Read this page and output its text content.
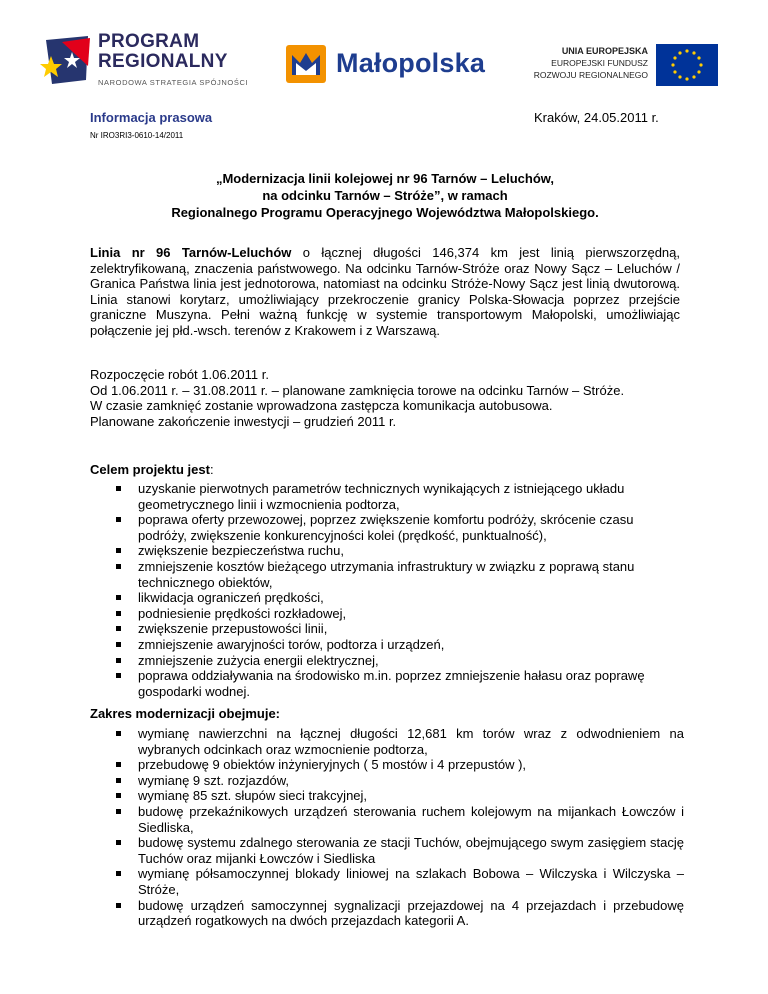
PROGRAM
REGIONALNY
NARODOWA STRATEGIA SPÓJNOŚCI
Małopolska	UNIA EUROPEJSKA
EUROPEJSKI FUNDUSZ
ROZWOJU REGIONALNEGO
Informacja prasowa	Kraków, 24.05.2011 r.
Nr IRO3RI3-0610-14/2011
„Modernizacja linii kolejowej nr 96 Tarnów – Leluchów,
na odcinku Tarnów – Stróże”, w ramach
Regionalnego Programu Operacyjnego Województwa Małopolskiego.
Linia nr 96 Tarnów-Leluchów o łącznej długości 146,374 km jest linią pierwszorzędną, zelektryfikowaną, znaczenia państwowego. Na odcinku Tarnów-Stróże oraz Nowy Sącz – Leluchów / Granica Państwa linia jest jednotorowa, natomiast na odcinku Stróże-Nowy Sącz jest linią dwutorową. Linia stanowi korytarz, umożliwiający przekroczenie granicy Polska-Słowacja poprzez przejście graniczne Muszyna. Pełni ważną funkcję w systemie transportowym Małopolski, umożliwiając połączenie jej płd.-wsch. terenów z Krakowem i z Warszawą.
Rozpoczęcie robót 1.06.2011 r.
Od 1.06.2011 r. – 31.08.2011 r. – planowane zamknięcia torowe na odcinku Tarnów – Stróże.
W czasie zamknięć zostanie wprowadzona zastępcza komunikacja autobusowa.
Planowane zakończenie inwestycji – grudzień 2011 r.
Celem projektu jest:
uzyskanie pierwotnych parametrów technicznych wynikających z istniejącego układu geometrycznego linii i wzmocnienia podtorza,
poprawa oferty przewozowej, poprzez zwiększenie komfortu podróży, skrócenie czasu podróży, zwiększenie konkurencyjności kolei (prędkość, punktualność),
zwiększenie bezpieczeństwa ruchu,
zmniejszenie kosztów bieżącego utrzymania infrastruktury w związku z poprawą stanu technicznego obiektów,
likwidacja ograniczeń prędkości,
podniesienie prędkości rozkładowej,
zwiększenie przepustowości linii,
zmniejszenie awaryjności torów, podtorza i urządzeń,
zmniejszenie zużycia energii elektrycznej,
poprawa oddziaływania na środowisko m.in. poprzez zmniejszenie hałasu oraz poprawę gospodarki wodnej.
Zakres modernizacji obejmuje:
wymianę nawierzchni na łącznej długości 12,681 km torów wraz z odwodnieniem na wybranych odcinkach oraz wzmocnienie podtorza,
przebudowę 9 obiektów inżynieryjnych ( 5 mostów i 4 przepustów ),
wymianę 9 szt. rozjazdów,
wymianę 85 szt. słupów sieci trakcyjnej,
budowę przekaźnikowych urządzeń sterowania ruchem kolejowym na mijankach Łowczów i Siedliska,
budowę systemu zdalnego sterowania ze stacji Tuchów, obejmującego swym zasięgiem stację Tuchów oraz mijanki Łowczów i Siedliska
wymianę półsamoczynnej blokady liniowej na szlakach Bobowa – Wilczyska i Wilczyska – Stróże,
budowę urządzeń samoczynnej sygnalizacji przejazdowej na 4 przejazdach i przebudowę urządzeń rogatkowych na dwóch przejazdach kategorii A.
